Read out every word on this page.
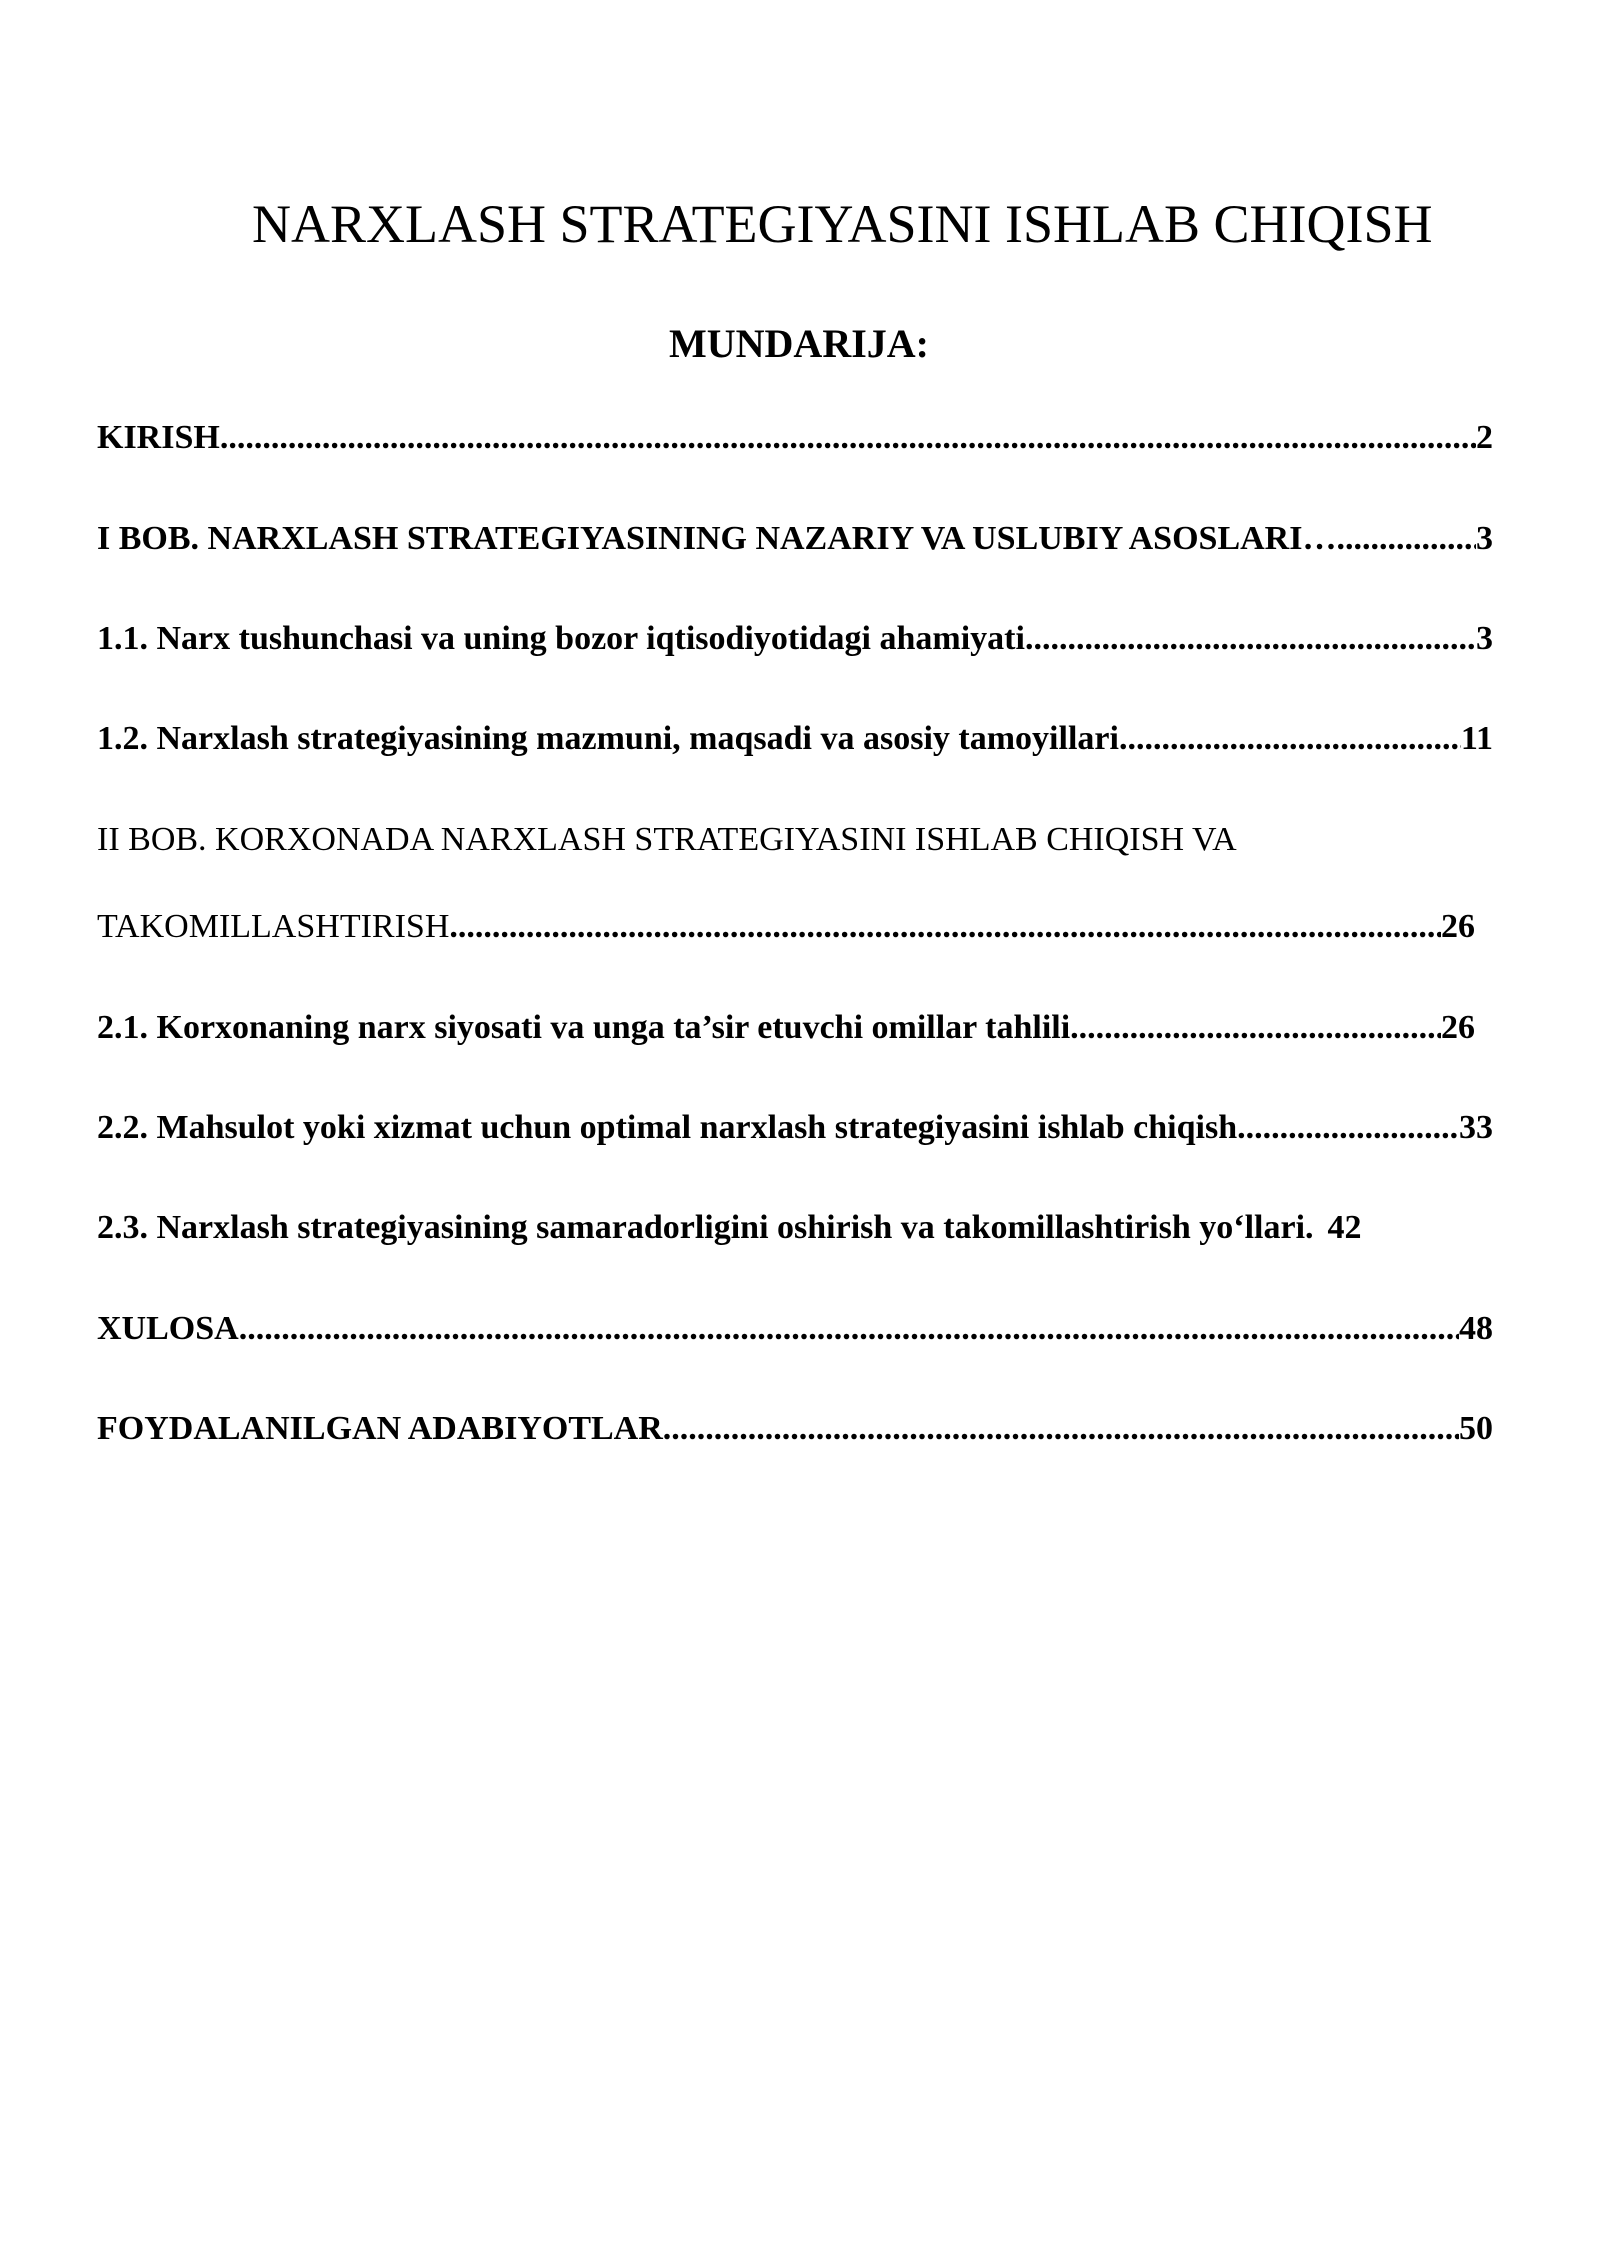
NARXLASH STRATEGIYASINI ISHLAB CHIQISH
MUNDARIJA:
KIRISH .....	2
I BOB. NARXLASH STRATEGIYASINING NAZARIY VA USLUBIY ASOSLARI… .....	3
1.1. Narx tushunchasi va uning bozor iqtisodiyotidagi ahamiyati .....	3
1.2. Narxlash strategiyasining mazmuni, maqsadi va asosiy tamoyillari .....	11
II BOB. KORXONADA NARXLASH STRATEGIYASINI ISHLAB CHIQISH VA
TAKOMILLASHTIRISH .....	26
2.1. Korxonaning narx siyosati va unga ta’sir etuvchi omillar tahlili .....	26
2.2. Mahsulot yoki xizmat uchun optimal narxlash strategiyasini ishlab chiqish .....	33
2.3. Narxlash strategiyasining samaradorligini oshirish va takomillashtirish yo‘llari. 42
XULOSA .....	48
FOYDALANILGAN ADABIYOTLAR .....	50
